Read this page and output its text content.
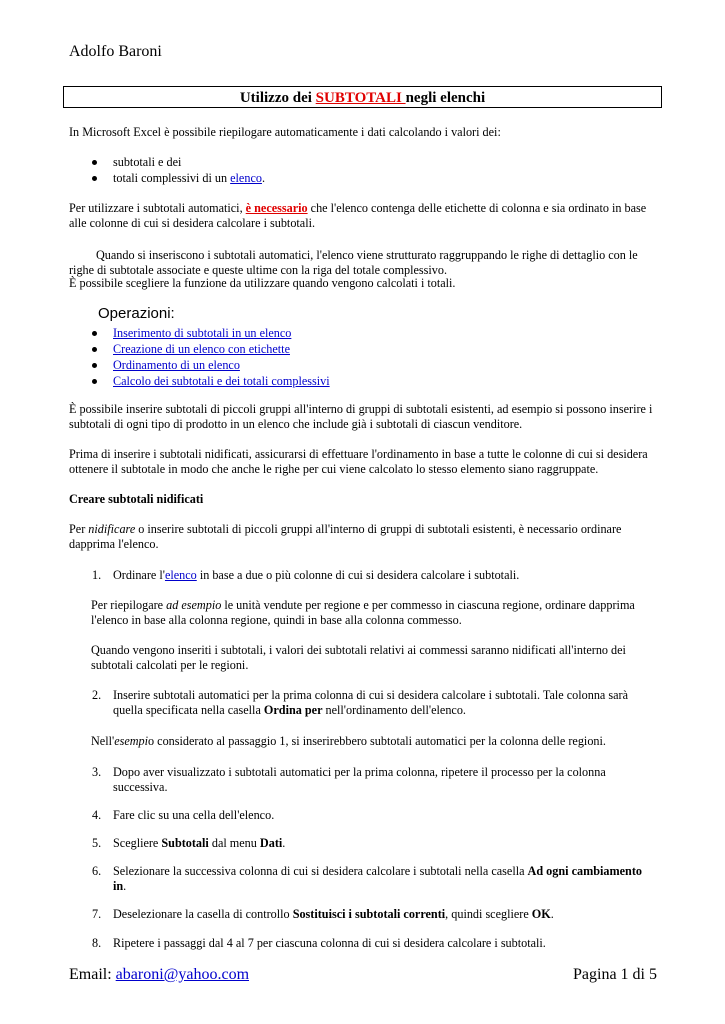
Adolfo Baroni
Utilizzo dei SUBTOTALI negli elenchi
In Microsoft Excel è possibile riepilogare automaticamente i dati calcolando i valori dei:
subtotali e dei
totali complessivi di un elenco.
Per utilizzare i subtotali automatici, è necessario che l'elenco contenga delle etichette di colonna e sia ordinato in base alle colonne di cui si desidera calcolare i subtotali.
Quando si inseriscono i subtotali automatici, l'elenco viene strutturato raggruppando le righe di dettaglio con le righe di subtotale associate e queste ultime con la riga del totale complessivo.
È possibile scegliere la funzione da utilizzare quando vengono calcolati i totali.
Operazioni:
Inserimento di subtotali in un elenco
Creazione di un elenco con etichette
Ordinamento di un elenco
Calcolo dei subtotali e dei totali complessivi
È possibile inserire subtotali di piccoli gruppi all'interno di gruppi di subtotali esistenti, ad esempio si possono inserire i subtotali di ogni tipo di prodotto in un elenco che include già i subtotali di ciascun venditore.
Prima di inserire i subtotali nidificati, assicurarsi di effettuare l'ordinamento in base a tutte le colonne di cui si desidera ottenere il subtotale in modo che anche le righe per cui viene calcolato lo stesso elemento siano raggruppate.
Creare subtotali nidificati
Per nidificare o inserire subtotali di piccoli gruppi all'interno di gruppi di subtotali esistenti, è necessario ordinare dapprima l'elenco.
1. Ordinare l'elenco in base a due o più colonne di cui si desidera calcolare i subtotali.
Per riepilogare ad esempio le unità vendute per regione e per commesso in ciascuna regione, ordinare dapprima l'elenco in base alla colonna regione, quindi in base alla colonna commesso.
Quando vengono inseriti i subtotali, i valori dei subtotali relativi ai commessi saranno nidificati all'interno dei subtotali calcolati per le regioni.
2. Inserire subtotali automatici per la prima colonna di cui si desidera calcolare i subtotali. Tale colonna sarà quella specificata nella casella Ordina per nell'ordinamento dell'elenco.
Nell'esempio considerato al passaggio 1, si inserirebbero subtotali automatici per la colonna delle regioni.
3. Dopo aver visualizzato i subtotali automatici per la prima colonna, ripetere il processo per la colonna successiva.
4. Fare clic su una cella dell'elenco.
5. Scegliere Subtotali dal menu Dati.
6. Selezionare la successiva colonna di cui si desidera calcolare i subtotali nella casella Ad ogni cambiamento in.
7. Deselezionare la casella di controllo Sostituisci i subtotali correnti, quindi scegliere OK.
8. Ripetere i passaggi dal 4 al 7 per ciascuna colonna di cui si desidera calcolare i subtotali.
Email: abaroni@yahoo.com	Pagina 1 di 5
